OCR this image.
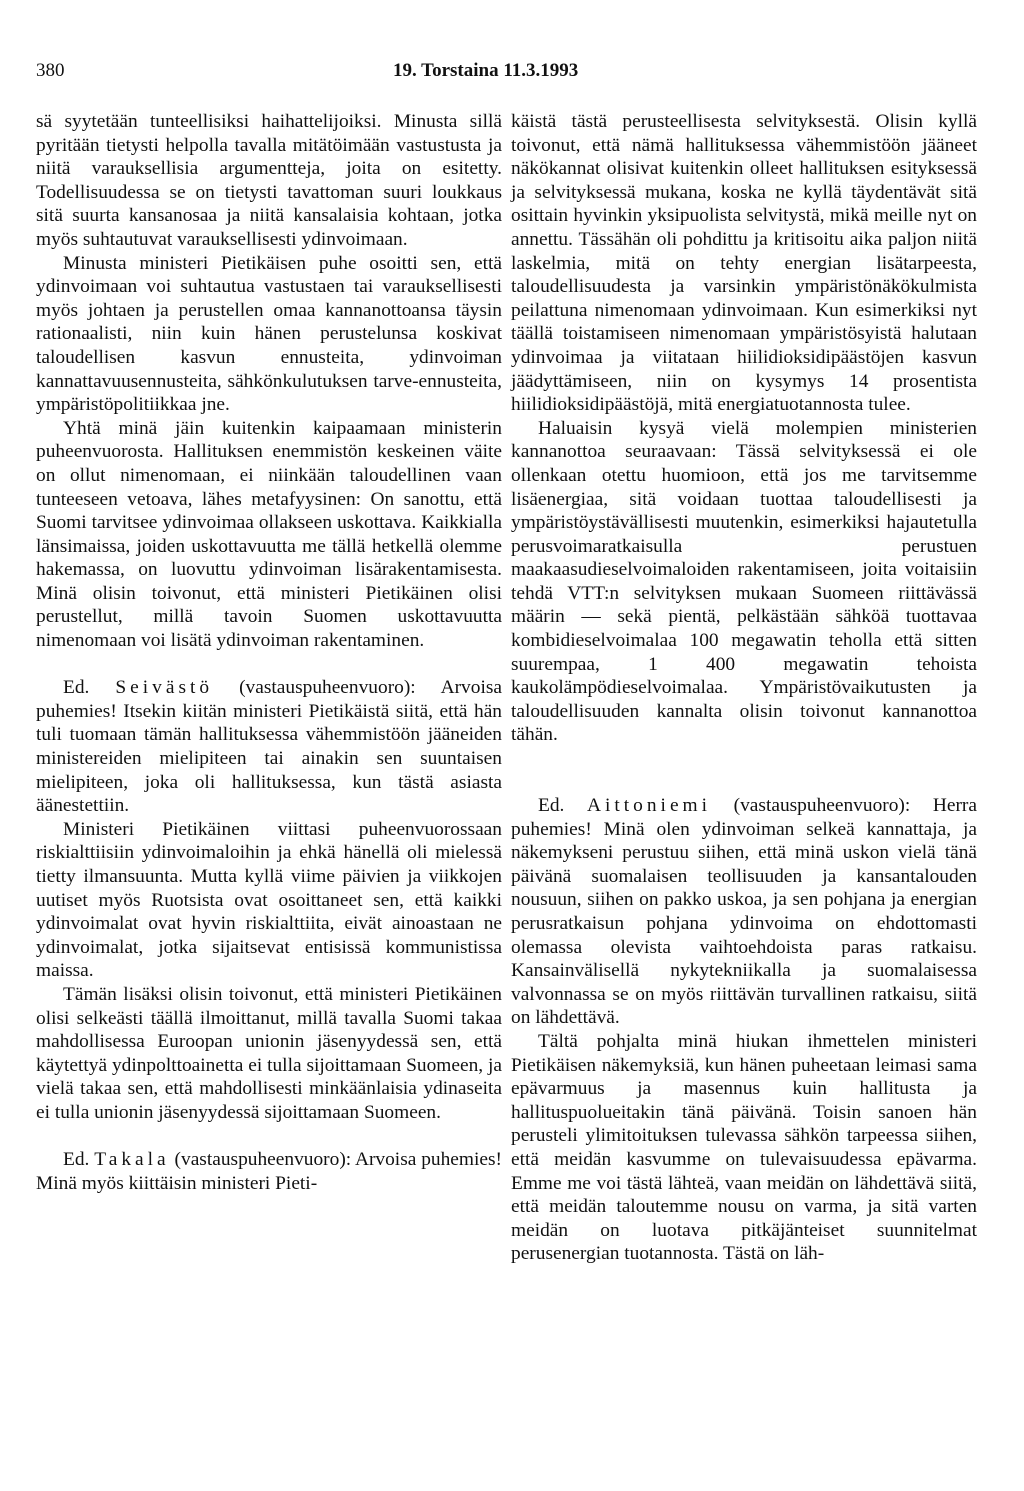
380	19. Torstaina 11.3.1993

sä syytetään tunteellisiksi haihattelijoiksi. Minusta sillä pyritään tietysti helpolla tavalla mitätöimään vastustusta ja niitä varauksellisia argumentteja, joita on esitetty. Todellisuudessa se on tietysti tavattoman suuri loukkaus sitä suurta kansanosaa ja niitä kansalaisia kohtaan, jotka myös suhtautuvat varauksellisesti ydinvoimaan.

Minusta ministeri Pietikäisen puhe osoitti sen, että ydinvoimaan voi suhtautua vastustaen tai varauksellisesti myös johtaen ja perustellen omaa kannanottoansa täysin rationaalisti, niin kuin hänen perustelunsa koskivat taloudellisen kasvun ennusteita, ydinvoiman kannattavuusennusteita, sähkönkulutuksen tarve-ennusteita, ympäristöpolitiikkaa jne.

Yhtä minä jäin kuitenkin kaipaamaan ministerin puheenvuorosta. Hallituksen enemmistön keskeinen väite on ollut nimenomaan, ei niinkään taloudellinen vaan tunteeseen vetoava, lähes metafyysinen: On sanottu, että Suomi tarvitsee ydinvoimaa ollakseen uskottava. Kaikkialla länsimaissa, joiden uskottavuutta me tällä hetkellä olemme hakemassa, on luovuttu ydinvoiman lisärakentamisesta. Minä olisin toivonut, että ministeri Pietikäinen olisi perustellut, millä tavoin Suomen uskottavuutta nimenomaan voi lisätä ydinvoiman rakentaminen.

Ed. Seivästö (vastauspuheenvuoro): Arvoisa puhemies! Itsekin kiitän ministeri Pietikäistä siitä, että hän tuli tuomaan tämän hallituksessa vähemmistöön jääneiden ministereiden mielipiteen tai ainakin sen suuntaisen mielipiteen, joka oli hallituksessa, kun tästä asiasta äänestettiin.

Ministeri Pietikäinen viittasi puheenvuorossaan riskialttiisiin ydinvoimaloihin ja ehkä hänellä oli mielessä tietty ilmansuunta. Mutta kyllä viime päivien ja viikkojen uutiset myös Ruotsista ovat osoittaneet sen, että kaikki ydinvoimalat ovat hyvin riskialttiita, eivät ainoastaan ne ydinvoimalat, jotka sijaitsevat entisissä kommunistissa maissa.

Tämän lisäksi olisin toivonut, että ministeri Pietikäinen olisi selkeästi täällä ilmoittanut, millä tavalla Suomi takaa mahdollisessa Euroopan unionin jäsenyydessä sen, että käytettyä ydinpolttoainetta ei tulla sijoittamaan Suomeen, ja vielä takaa sen, että mahdollisesti minkäänlaisia ydinaseita ei tulla unionin jäsenyydessä sijoittamaan Suomeen.

Ed. Takala (vastauspuheenvuoro): Arvoisa puhemies! Minä myös kiittäisin ministeri Pieti-

käistä tästä perusteellisesta selvityksestä. Olisin kyllä toivonut, että nämä hallituksessa vähemmistöön jääneet näkökannat olisivat kuitenkin olleet hallituksen esityksessä ja selvityksessä mukana, koska ne kyllä täydentävät sitä osittain hyvinkin yksipuolista selvitystä, mikä meille nyt on annettu. Tässähän oli pohdittu ja kritisoitu aika paljon niitä laskelmia, mitä on tehty energian lisätarpeesta, taloudellisuudesta ja varsinkin ympäristönäkökulmista peilattuna nimenomaan ydinvoimaan. Kun esimerkiksi nyt täällä toistamiseen nimenomaan ympäristösyistä halutaan ydinvoimaa ja viitataan hiilidioksidipäästöjen kasvun jäädyttämiseen, niin on kysymys 14 prosentista hiilidioksidipäästöjä, mitä energiatuotannosta tulee.

Haluaisin kysyä vielä molempien ministerien kannanottoa seuraavaan: Tässä selvityksessä ei ole ollenkaan otettu huomioon, että jos me tarvitsemme lisäenergiaa, sitä voidaan tuottaa taloudellisesti ja ympäristöystävällisesti muutenkin, esimerkiksi hajautetulla perusvoimaratkaisulla perustuen maakaasudieselvoimaloiden rakentamiseen, joita voitaisiin tehdä VTT:n selvityksen mukaan Suomeen riittävässä määrin — sekä pientä, pelkästään sähköä tuottavaa kombidieselvoimalaa 100 megawatin teholla että sitten suurempaa, 1 400 megawatin tehoista kaukolämpödieselvoimalaa. Ympäristövaikutusten ja taloudellisuuden kannalta olisin toivonut kannanottoa tähän.

Ed. Aittoniemi (vastauspuheenvuoro): Herra puhemies! Minä olen ydinvoiman selkeä kannattaja, ja näkemykseni perustuu siihen, että minä uskon vielä tänä päivänä suomalaisen teollisuuden ja kansantalouden nousuun, siihen on pakko uskoa, ja sen pohjana ja energian perusratkaisun pohjana ydinvoima on ehdottomasti olemassa olevista vaihtoehdoista paras ratkaisu. Kansainvälisellä nykytekniikalla ja suomalaisessa valvonnassa se on myös riittävän turvallinen ratkaisu, siitä on lähdettävä.

Tältä pohjalta minä hiukan ihmettelen ministeri Pietikäisen näkemyksiä, kun hänen puheetaan leimasi sama epävarmuus ja masennus kuin hallitusta ja hallituspuolueitakin tänä päivänä. Toisin sanoen hän perusteli ylimitoituksen tulevassa sähkön tarpeessa siihen, että meidän kasvumme on tulevaisuudessa epävarma. Emme me voi tästä lähteä, vaan meidän on lähdettävä siitä, että meidän taloutemme nousu on varma, ja sitä varten meidän on luotava pitkäjänteiset suunnitelmat perusenergian tuotannosta. Tästä on läh-
